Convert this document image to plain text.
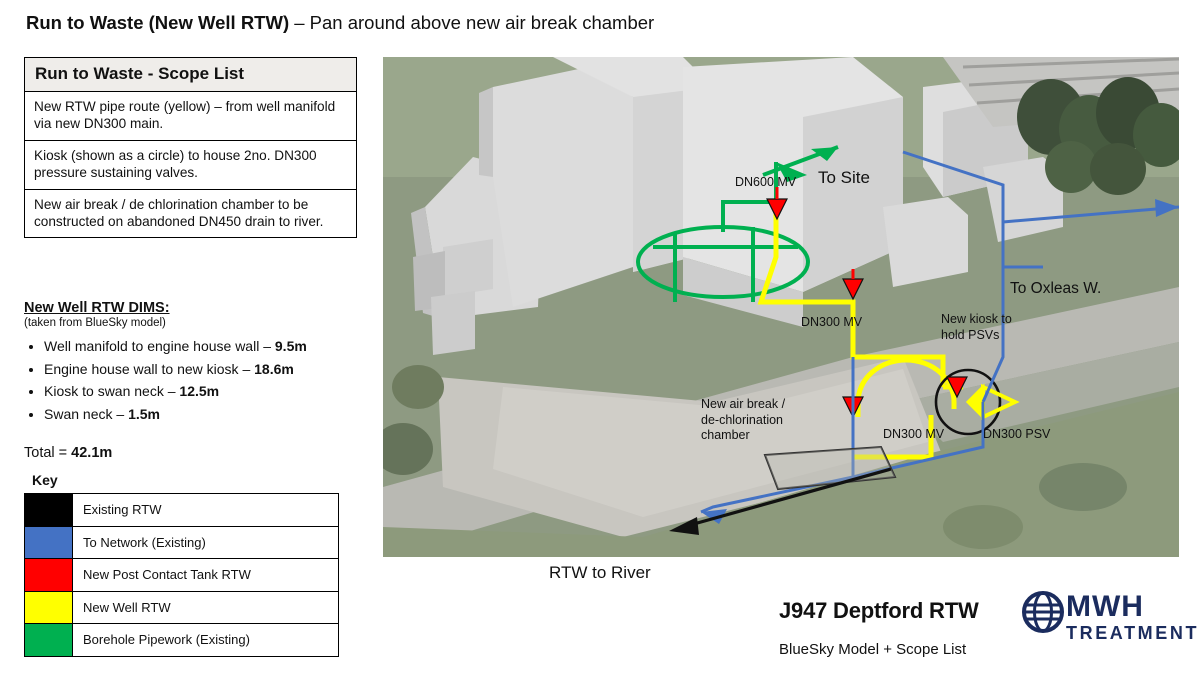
Run to Waste (New Well RTW) – Pan around above new air break chamber
Run to Waste - Scope List
New RTW pipe route (yellow) – from well manifold via new DN300 main.
Kiosk (shown as a circle) to house 2no. DN300 pressure sustaining valves.
New air break / de chlorination chamber to be constructed on abandoned DN450 drain to river.
New Well RTW DIMS:
(taken from BlueSky model)
• Well manifold to engine house wall – 9.5m
• Engine house wall to new kiosk – 18.6m
• Kiosk to swan neck – 12.5m
• Swan neck – 1.5m
Total = 42.1m
Key
	Existing RTW
	To Network (Existing)
	New Post Contact Tank RTW
	New Well RTW
	Borehole Pipework (Existing)
DN600 MV To Site
DN300 MV
To Oxleas W.
New kiosk to hold PSVs
New air break / de-chlorination chamber	DN300 MV	DN300 PSV
RTW to River
J947 Deptford RTW
BlueSky Model + Scope List
MWH
TREATMENT
